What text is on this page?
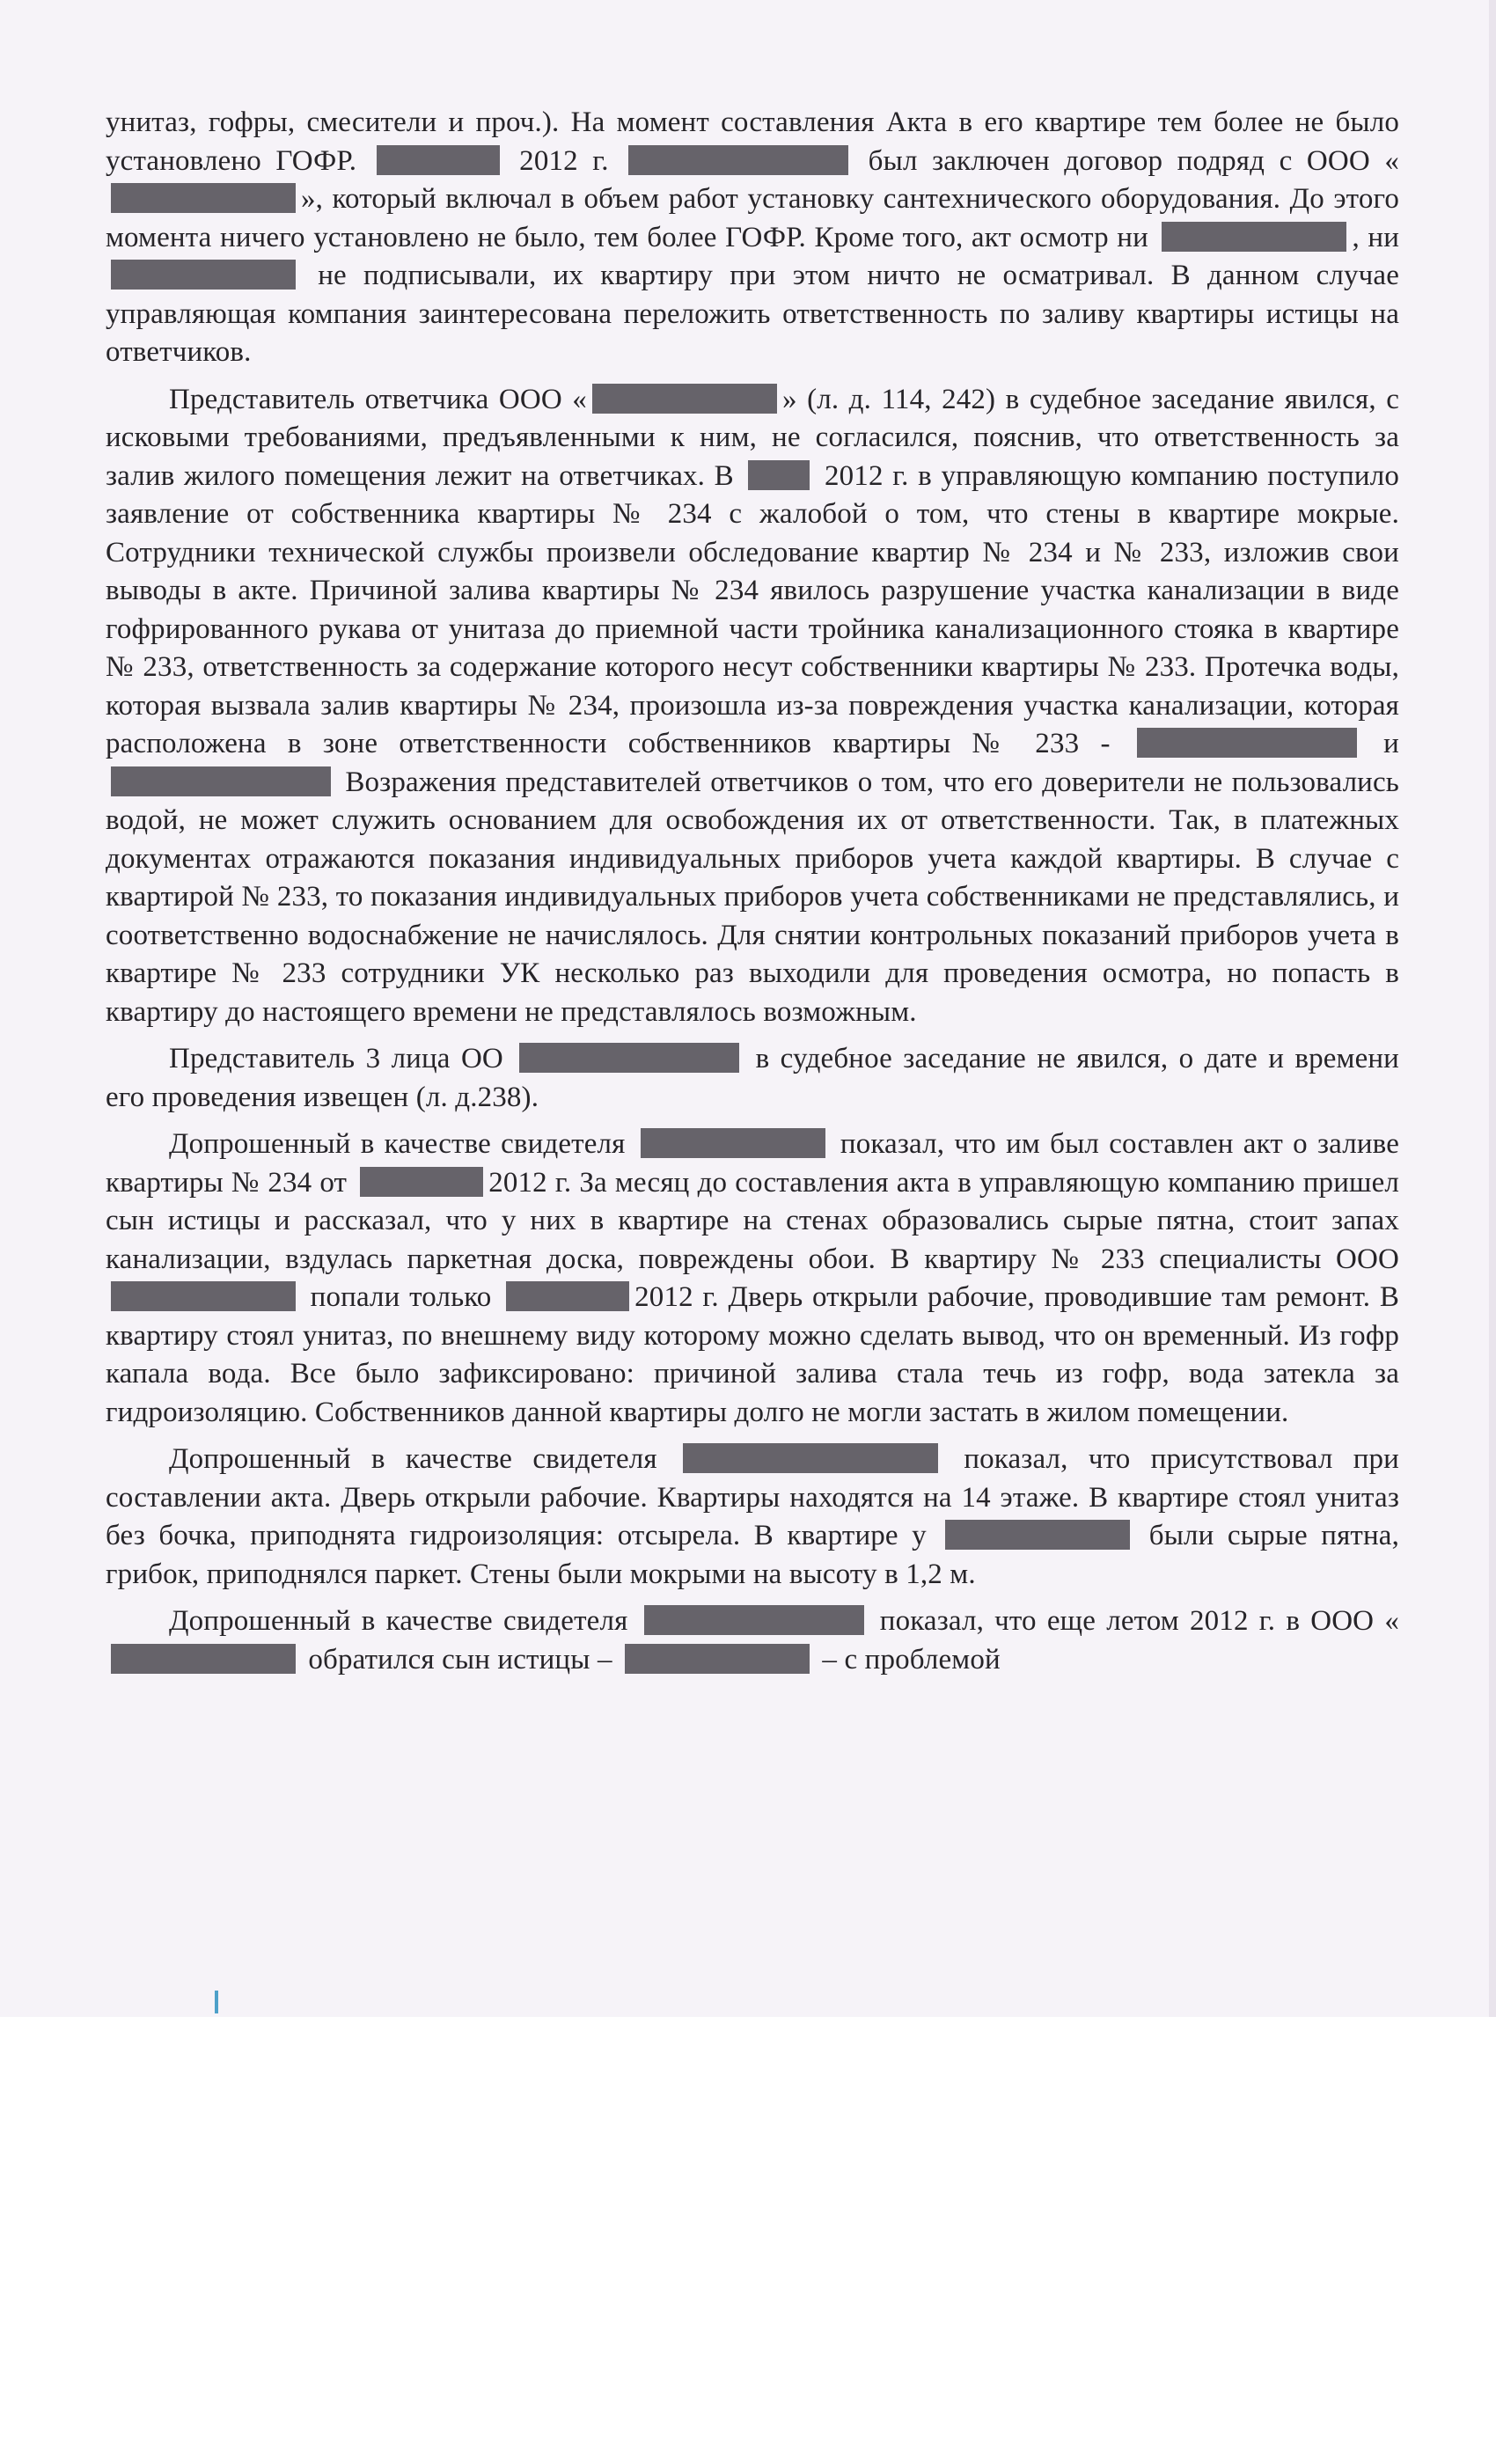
унитаз, гофры, смесители и проч.). На момент составления Акта в его квартире тем более не было установлено ГОФР.	2012 г.	был заключен договор подряд с ООО «», который включал в объем работ установку сантехнического оборудования. До этого момента ничего установлено не было, тем более ГОФР. Кроме того, акт осмотр ни	, ни  не подписывали, их квартиру при этом ничто не осматривал. В данном случае управляющая компания заинтересована переложить ответственность по заливу квартиры истицы на ответчиков.

Представитель ответчика ООО «	» (л. д. 114, 242) в судебное заседание явился, с исковыми требованиями, предъявленными к ним, не согласился, пояснив, что ответственность за залив жилого помещения лежит на ответчиках. В  2012 г. в управляющую компанию поступило заявление от собственника квартиры № 234 с жалобой о том, что стены в квартире мокрые. Сотрудники технической службы произвели обследование квартир № 234 и № 233, изложив свои выводы в акте. Причиной залива квартиры № 234 явилось разрушение участка канализации в виде гофрированного рукава от унитаза до приемной части тройника канализационного стояка в квартире № 233, ответственность за содержание которого несут собственники квартиры № 233. Протечка воды, которая вызвала залив квартиры № 234, произошла из-за повреждения участка канализации, которая расположена в зоне ответственности собственников квартиры № 233 -	и  Возражения представителей ответчиков о том, что его доверители не пользовались водой, не может служить основанием для освобождения их от ответственности. Так, в платежных документах отражаются показания индивидуальных приборов учета каждой квартиры. В случае с квартирой № 233, то показания индивидуальных приборов учета собственниками не представлялись, и соответственно водоснабжение не начислялось. Для снятии контрольных показаний приборов учета в квартире № 233 сотрудники УК несколько раз выходили для проведения осмотра, но попасть в квартиру до настоящего времени не представлялось возможным.

Представитель 3 лица ОО	в судебное заседание не явился, о дате и времени его проведения извещен (л. д.238).

Допрошенный в качестве свидетеля	показал, что им был составлен акт о заливе квартиры № 234 от	2012 г. За месяц до составления акта в управляющую компанию пришел сын истицы и рассказал, что у них в квартире на стенах образовались сырые пятна, стоит запах канализации, вздулась паркетная доска, повреждены обои. В квартиру № 233 специалисты ООО  попали только	2012 г. Дверь открыли рабочие, проводившие там ремонт. В квартиру стоял унитаз, по внешнему виду которому можно сделать вывод, что он временный. Из гофр капала вода. Все было зафиксировано: причиной залива стала течь из гофр, вода затекла за гидроизоляцию. Собственников данной квартиры долго не могли застать в жилом помещении.

Допрошенный в качестве свидетеля	показал, что присутствовал при составлении акта. Дверь открыли рабочие. Квартиры находятся на 14 этаже. В квартире стоял унитаз без бочка, приподнята гидроизоляция: отсырела. В квартире у	были сырые пятна, грибок, приподнялся паркет. Стены были мокрыми на высоту в 1,2 м.

Допрошенный в качестве свидетеля	показал, что еще летом 2012 г. в ООО « обратился сын истицы –	– с проблемой
